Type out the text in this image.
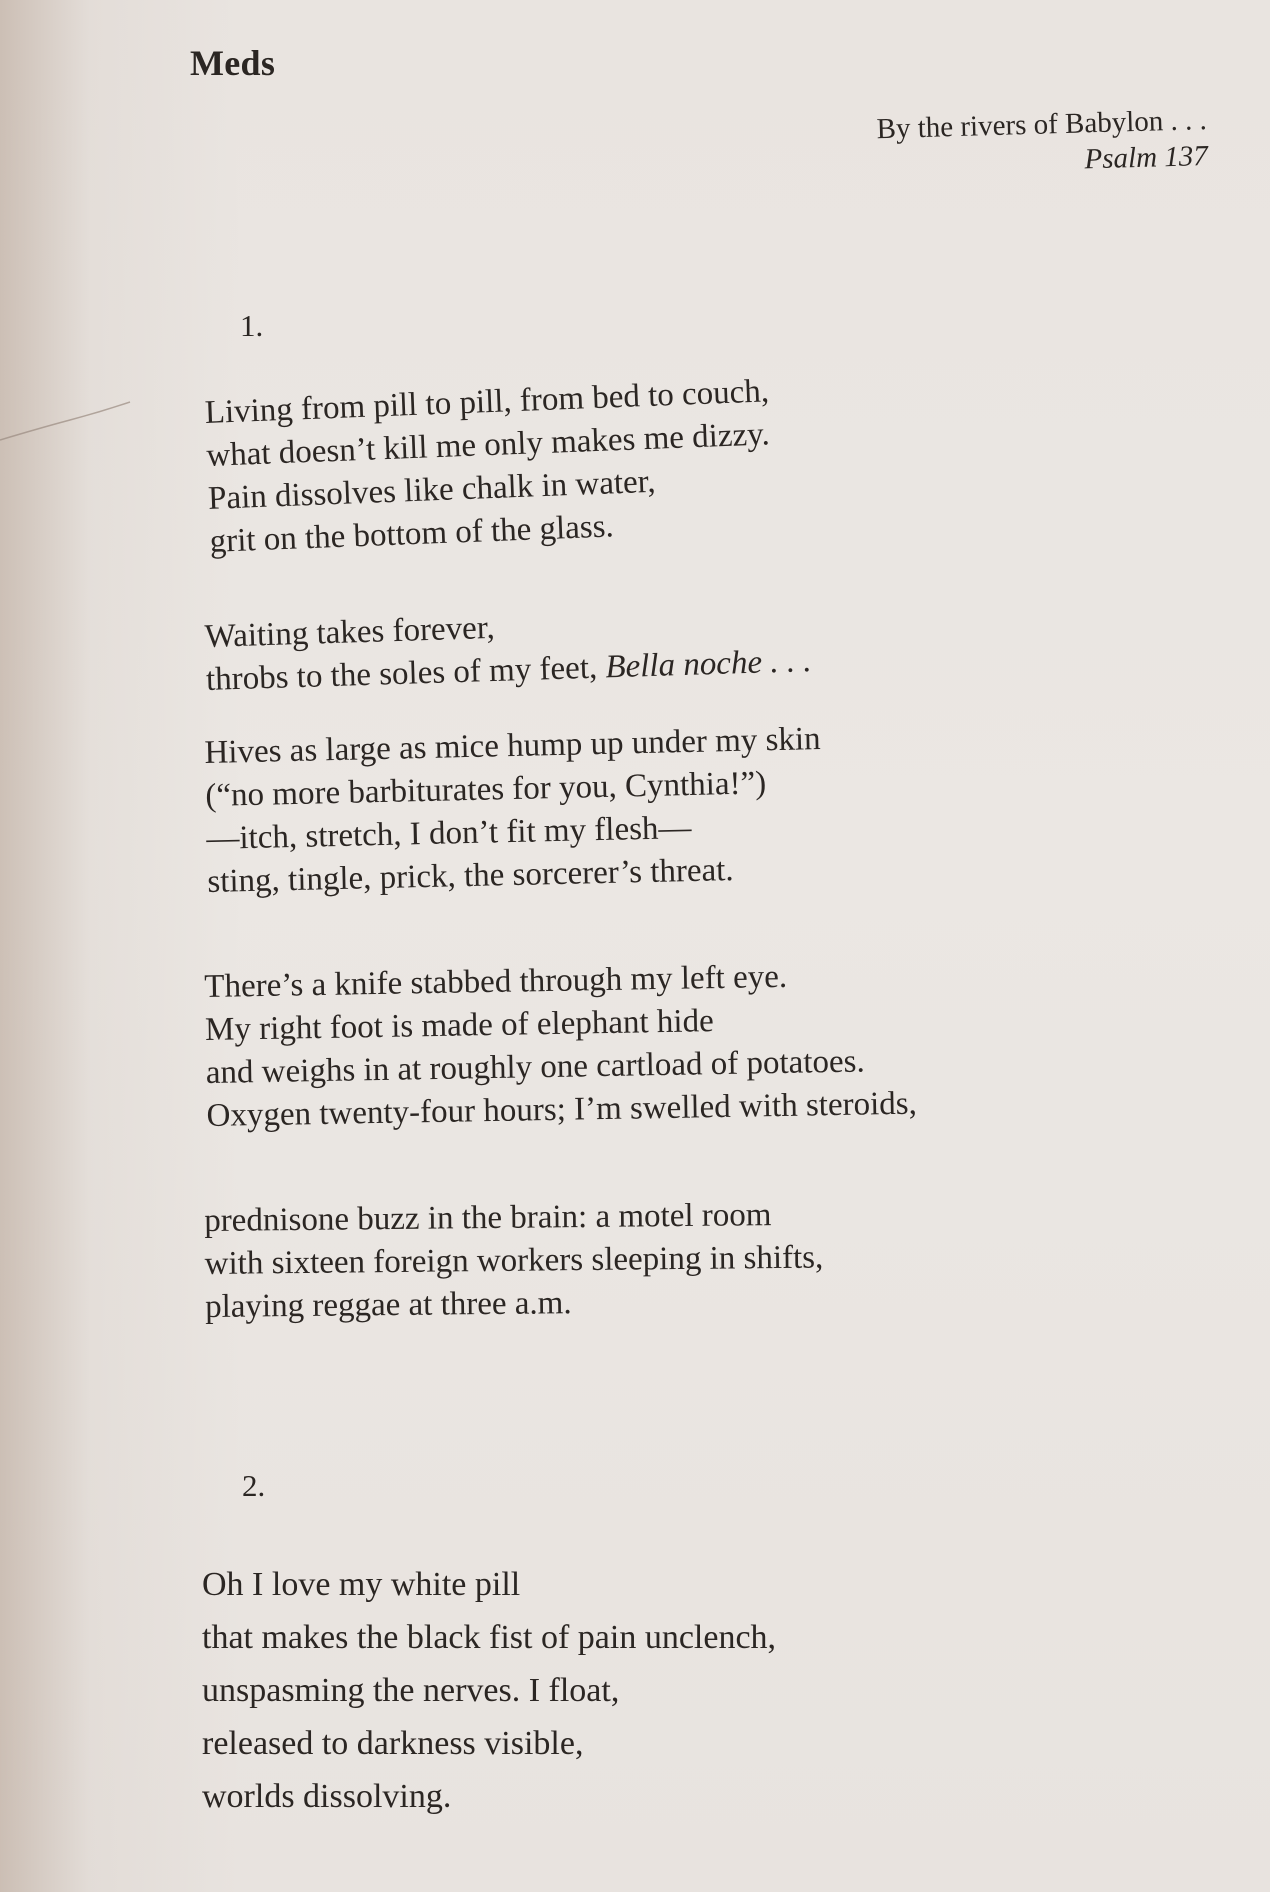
Meds
By the rivers of Babylon . . .
Psalm 137
1.
Living from pill to pill, from bed to couch,
what doesn’t kill me only makes me dizzy.
Pain dissolves like chalk in water,
grit on the bottom of the glass.
Waiting takes forever,
throbs to the soles of my feet, Bella noche . . .
Hives as large as mice hump up under my skin
(“no more barbiturates for you, Cynthia!”)
—itch, stretch, I don’t fit my flesh—
sting, tingle, prick, the sorcerer’s threat.
There’s a knife stabbed through my left eye.
My right foot is made of elephant hide
and weighs in at roughly one cartload of potatoes.
Oxygen twenty-four hours; I’m swelled with steroids,
prednisone buzz in the brain: a motel room
with sixteen foreign workers sleeping in shifts,
playing reggae at three a.m.
2.
Oh I love my white pill
that makes the black fist of pain unclench,
unspasming the nerves. I float,
released to darkness visible,
worlds dissolving.
